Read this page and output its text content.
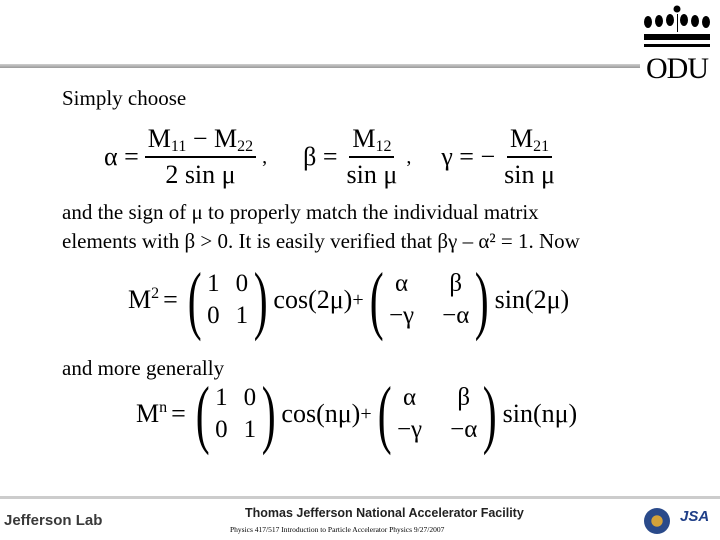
ODU
Simply choose
$\alpha = \frac{M11 - M22}{\text{2 sin μ}}$ , $\beta = \frac{M12}{\text{sin μ}}$ , γ = − $\frac{M21}{\text{sin μ}}$
and the sign of μ to properly match the individual matrix
elements with β > 0. It is easily verified that βγ – α² = 1. Now
$M^2$ = ( 1 0
0 1 ) cos(2μ) + ( α β
−γ −α ) sin(2μ)
and more generally
$M^n$ = ( 1 0
0 1 ) cos(nμ) + ( α β
−γ −α ) sin(nμ)
Jefferson Lab	Thomas Jefferson National Accelerator Facility
Physics 417/517 Introduction to Particle Accelerator Physics 9/27/2007
JSA
